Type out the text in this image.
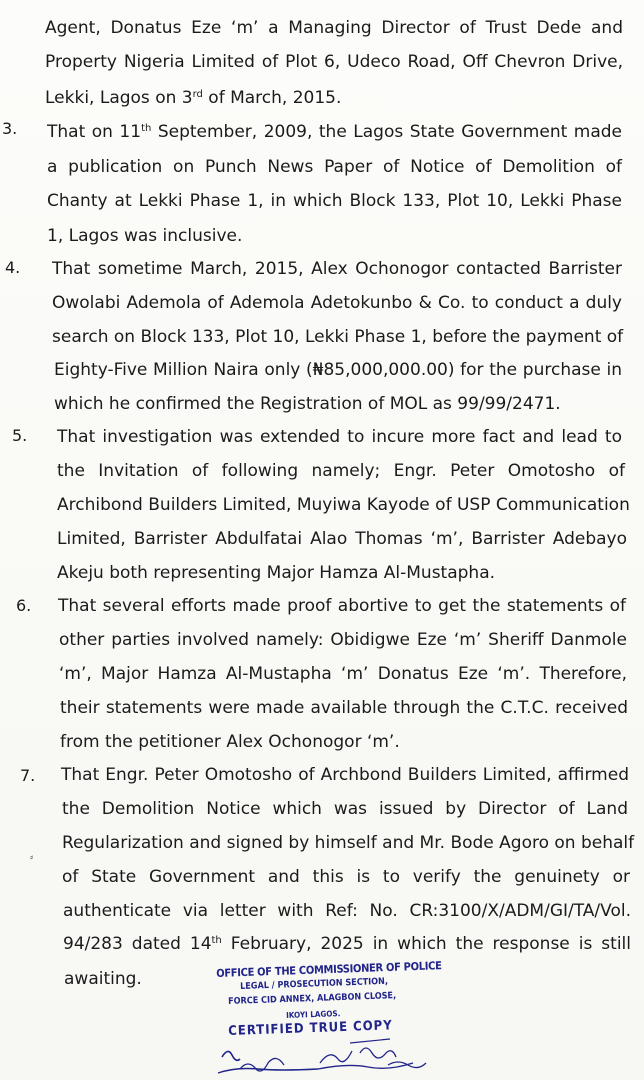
Agent, Donatus Eze ‘m’ a Managing Director of Trust Dede and
Property Nigeria Limited of Plot 6, Udeco Road, Off Chevron Drive,
Lekki, Lagos on 3rd of March, 2015.
3. That on 11th September, 2009, the Lagos State Government made
a publication on Punch News Paper of Notice of Demolition of
Chanty at Lekki Phase 1, in which Block 133, Plot 10, Lekki Phase
1, Lagos was inclusive.
4. That sometime March, 2015, Alex Ochonogor contacted Barrister
Owolabi Ademola of Ademola Adetokunbo & Co. to conduct a duly
search on Block 133, Plot 10, Lekki Phase 1, before the payment of
Eighty-Five Million Naira only (₦85,000,000.00) for the purchase in
which he confirmed the Registration of MOL as 99/99/2471.
5. That investigation was extended to incure more fact and lead to
the Invitation of following namely; Engr. Peter Omotosho of
Archibond Builders Limited, Muyiwa Kayode of USP Communication
Limited, Barrister Abdulfatai Alao Thomas ‘m’, Barrister Adebayo
Akeju both representing Major Hamza Al-Mustapha.
6. That several efforts made proof abortive to get the statements of
other parties involved namely: Obidigwe Eze ‘m’ Sheriff Danmole
‘m’, Major Hamza Al-Mustapha ‘m’ Donatus Eze ‘m’. Therefore,
their statements were made available through the C.T.C. received
from the petitioner Alex Ochonogor ‘m’.
7. That Engr. Peter Omotosho of Archbond Builders Limited, affirmed
the Demolition Notice which was issued by Director of Land
Regularization and signed by himself and Mr. Bode Agoro on behalf
of State Government and this is to verify the genuinety or
authenticate via letter with Ref: No. CR:3100/X/ADM/GI/TA/Vol.
94/283 dated 14th February, 2025 in which the response is still
awaiting.
⸗
OFFICE OF THE COMMISSIONER OF POLICE
LEGAL / PROSECUTION SECTION,
FORCE CID ANNEX, ALAGBON CLOSE,
IKOYI LAGOS.
CERTIFIED TRUE COPY
